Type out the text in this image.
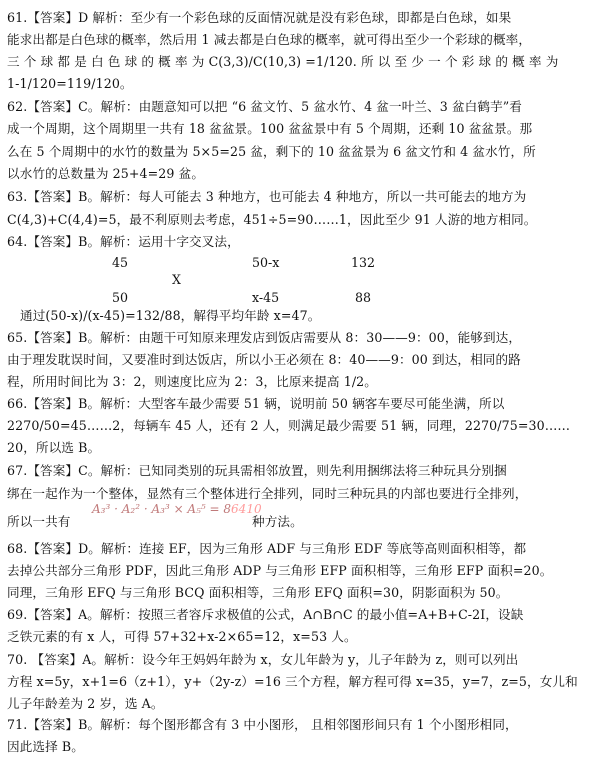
61.【答案】D 解析：至少有一个彩色球的反面情况就是没有彩色球，即都是白色球，如果
能求出都是白色球的概率，然后用 1 减去都是白色球的概率，就可得出至少一个彩球的概率，
三 个 球 都 是 白 色 球 的 概 率 为 C(3,3)/C(10,3) =1/120. 所 以 至 少 一 个 彩 球 的 概 率 为
1-1/120=119/120。
62.【答案】C。解析：由题意知可以把 “6 盆文竹、5 盆水竹、4 盆一叶兰、3 盆白鹤芋”看
成一个周期，这个周期里一共有 18 盆盆景。100 盆盆景中有 5 个周期，还剩 10 盆盆景。那
么在 5 个周期中的水竹的数量为 5×5=25 盆，剩下的 10 盆盆景为 6 盆文竹和 4 盆水竹，所
以水竹的总数量为 25+4=29 盆。
63.【答案】B。解析：每人可能去 3 种地方，也可能去 4 种地方，所以一共可能去的地方为
C(4,3)+C(4,4)=5，最不利原则去考虑，451÷5=90……1，因此至少 91 人游的地方相同。
64.【答案】B。解析：运用十字交叉法，
45	50-x	132
X
50	x-45	88
通过(50-x)/(x-45)=132/88，解得平均年龄 x=47。
65.【答案】B。解析：由题干可知原来理发店到饭店需要从 8：30——9：00，能够到达，
由于理发耽误时间，又要准时到达饭店，所以小王必须在 8：40——9：00 到达，相同的路
程，所用时间比为 3：2，则速度比应为 2：3，比原来提高 1/2。
66.【答案】B。解析：大型客车最少需要 51 辆，说明前 50 辆客车要尽可能坐满，所以
2270/50=45……2，每辆车 45 人，还有 2 人，则满足最少需要 51 辆，同理，2270/75=30……
20，所以选 B。
67.【答案】C。解析：已知同类别的玩具需相邻放置，则先利用捆绑法将三种玩具分别捆
绑在一起作为一个整体，显然有三个整体进行全排列，同时三种玩具的内部也要进行全排列，
所以一共有
A₃³ · A₂² · A₃³ × A₅⁵ = 86410
种方法。
68.【答案】D。解析：连接 EF，因为三角形 ADF 与三角形 EDF 等底等高则面积相等，都
去掉公共部分三角形 PDF，因此三角形 ADP 与三角形 EFP 面积相等，三角形 EFP 面积=20。
同理，三角形 EFQ 与三角形 BCQ 面积相等，三角形 EFQ 面积=30，阴影面积为 50。
69.【答案】A。解析：按照三者容斥求极值的公式，A∩B∩C 的最小值=A+B+C-2I，设缺
乏铁元素的有 x 人，可得 57+32+x-2×65=12，x=53 人。
70. 【答案】A。解析：设今年王妈妈年龄为 x，女儿年龄为 y，儿子年龄为 z，则可以列出
方程 x=5y，x+1=6（z+1），y+（2y-z）=16 三个方程，解方程可得 x=35，y=7，z=5，女儿和
儿子年龄差为 2 岁，选 A。
71.【答案】B。解析：每个图形都含有 3 中小图形， 且相邻图形间只有 1 个小图形相同，
因此选择 B。
